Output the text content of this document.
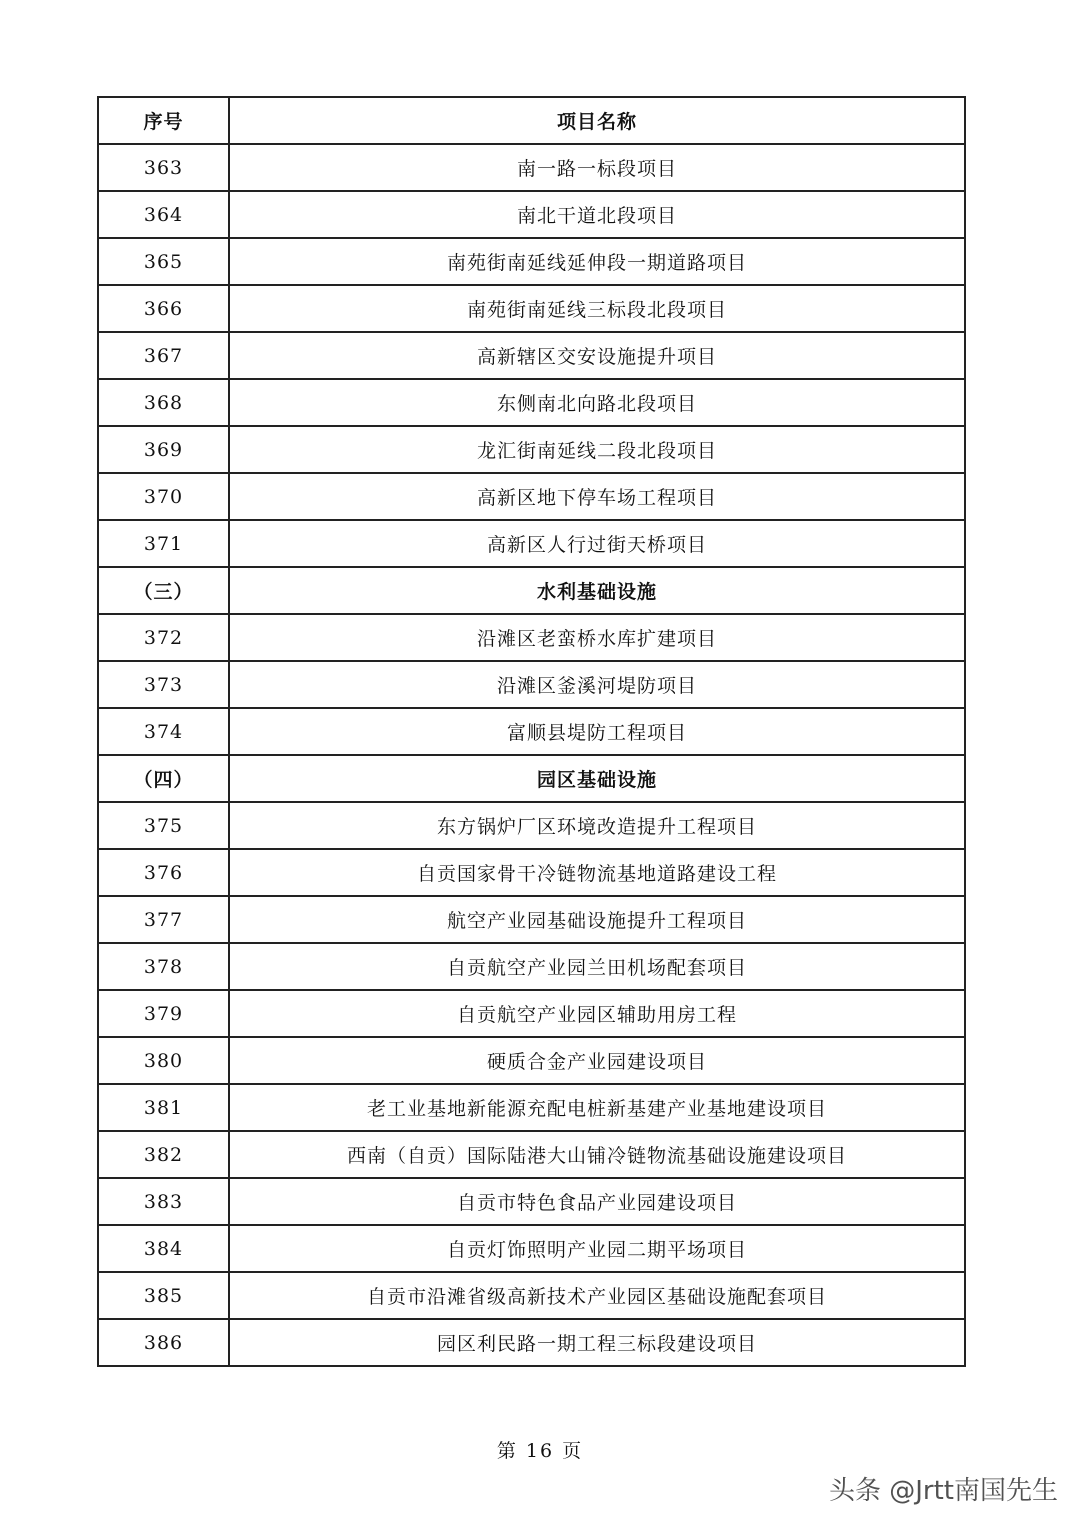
序号	项目名称
363	南一路一标段项目
364	南北干道北段项目
365	南苑街南延线延伸段一期道路项目
366	南苑街南延线三标段北段项目
367	高新辖区交安设施提升项目
368	东侧南北向路北段项目
369	龙汇街南延线二段北段项目
370	高新区地下停车场工程项目
371	高新区人行过街天桥项目
（三）	水利基础设施
372	沿滩区老蛮桥水库扩建项目
373	沿滩区釜溪河堤防项目
374	富顺县堤防工程项目
（四）	园区基础设施
375	东方锅炉厂区环境改造提升工程项目
376	自贡国家骨干冷链物流基地道路建设工程
377	航空产业园基础设施提升工程项目
378	自贡航空产业园兰田机场配套项目
379	自贡航空产业园区辅助用房工程
380	硬质合金产业园建设项目
381	老工业基地新能源充配电桩新基建产业基地建设项目
382	西南（自贡）国际陆港大山铺冷链物流基础设施建设项目
383	自贡市特色食品产业园建设项目
384	自贡灯饰照明产业园二期平场项目
385	自贡市沿滩省级高新技术产业园区基础设施配套项目
386	园区利民路一期工程三标段建设项目
第 16 页
头条 @Jrtt南国先生
